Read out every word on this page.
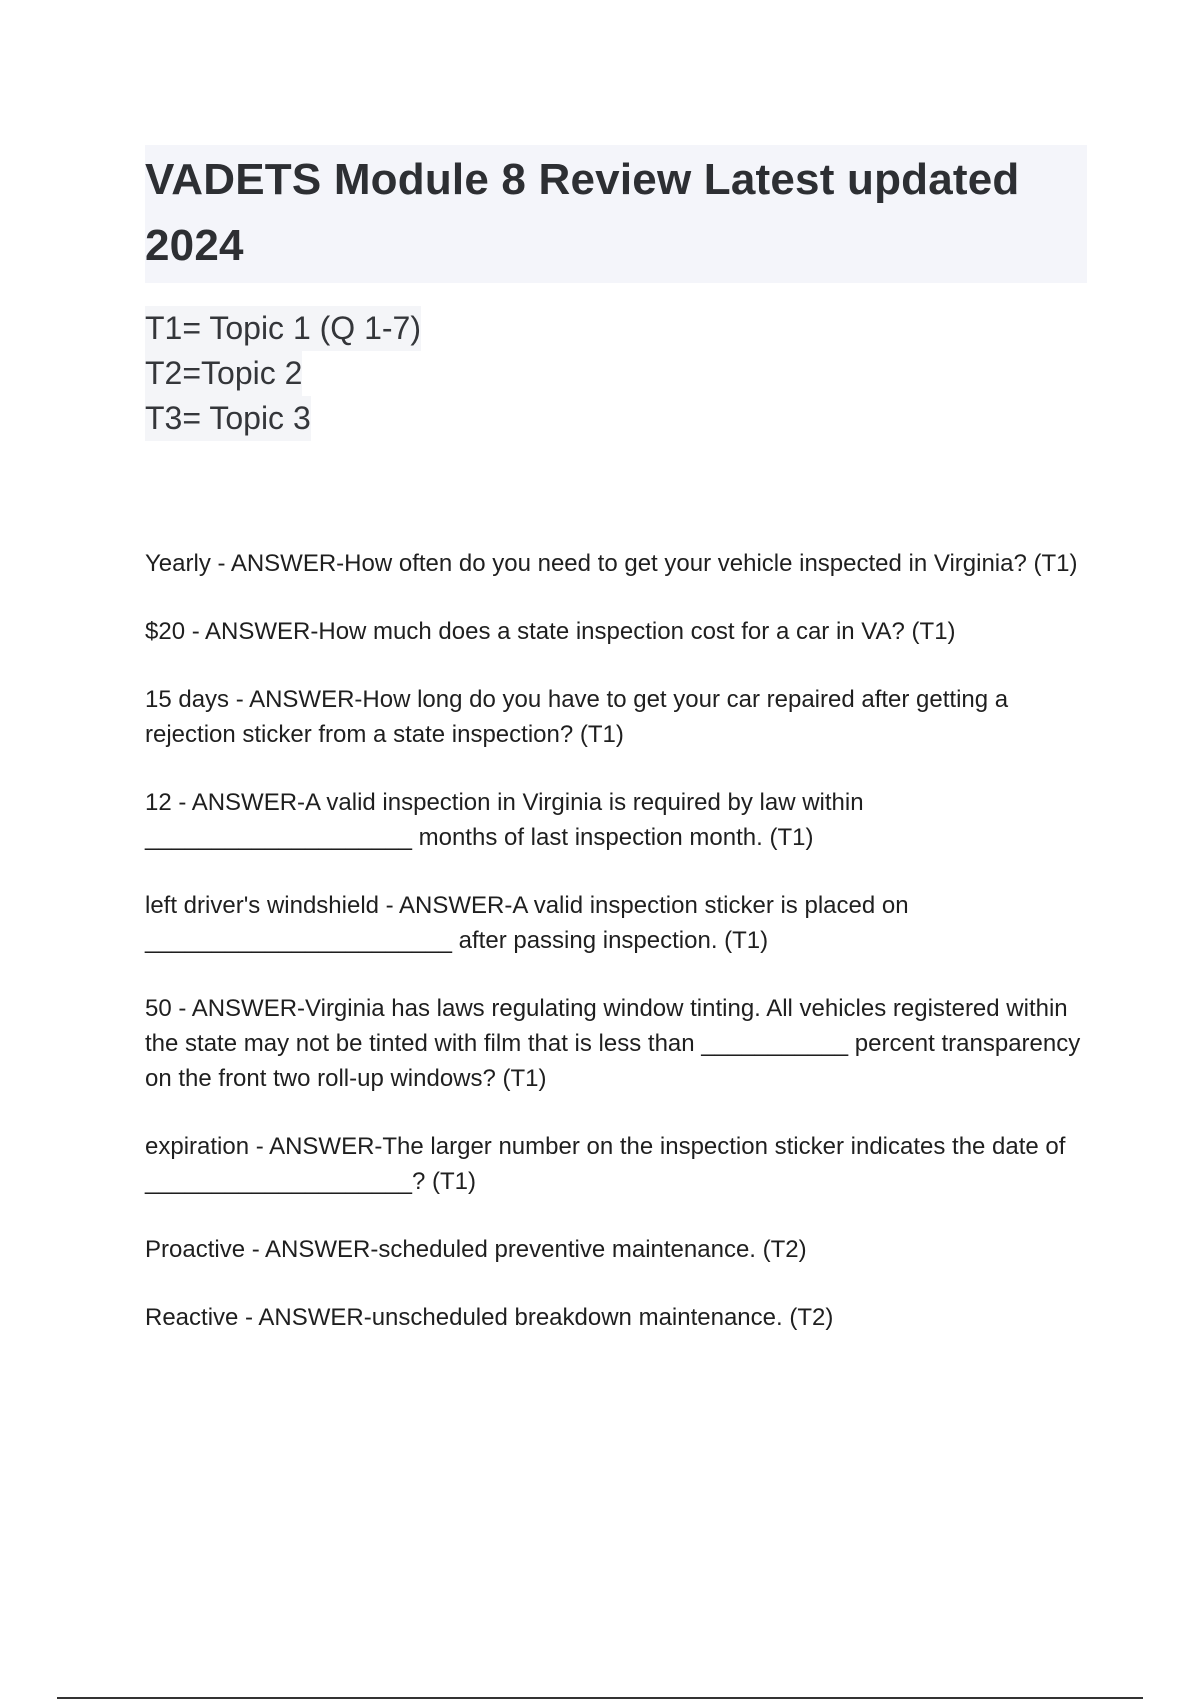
VADETS Module 8 Review Latest updated 2024
T1= Topic 1 (Q 1-7)
T2=Topic 2
T3= Topic 3

Yearly - ANSWER-How often do you need to get your vehicle inspected in Virginia? (T1)

$20 - ANSWER-How much does a state inspection cost for a car in VA? (T1)

15 days - ANSWER-How long do you have to get your car repaired after getting a rejection sticker from a state inspection? (T1)

12 - ANSWER-A valid inspection in Virginia is required by law within
____________________ months of last inspection month. (T1)

left driver's windshield - ANSWER-A valid inspection sticker is placed on
_______________________ after passing inspection. (T1)

50 - ANSWER-Virginia has laws regulating window tinting. All vehicles registered within the state may not be tinted with film that is less than ___________ percent transparency on the front two roll-up windows? (T1)

expiration - ANSWER-The larger number on the inspection sticker indicates the date of ____________________? (T1)

Proactive - ANSWER-scheduled preventive maintenance. (T2)

Reactive - ANSWER-unscheduled breakdown maintenance. (T2)
